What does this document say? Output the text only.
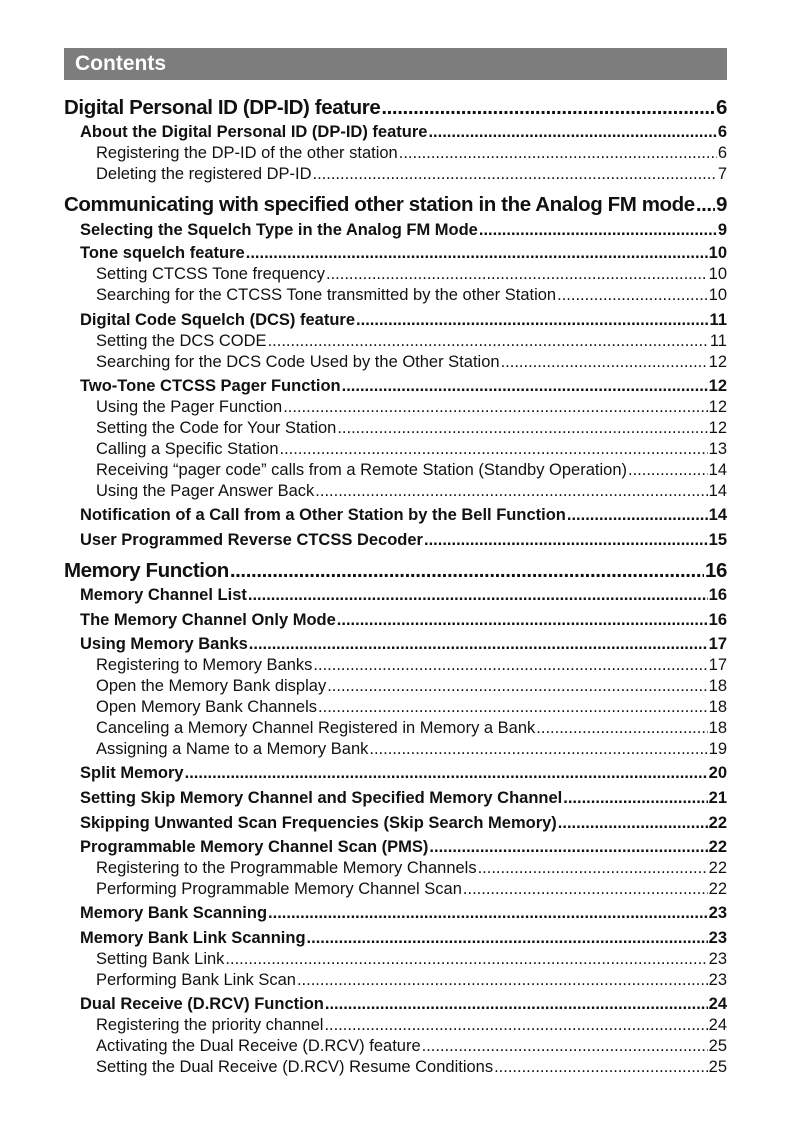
Contents
Digital Personal ID (DP-ID) feature .....	6
About the Digital Personal ID (DP-ID) feature .....	6
Registering the DP-ID of the other station .....	6
Deleting the registered DP-ID .....	7
Communicating with specified other station in the Analog FM mode ..... 9
Selecting the Squelch Type in the Analog FM Mode .....	9
Tone squelch feature .....	10
Setting CTCSS Tone frequency .....	10
Searching for the CTCSS Tone transmitted by the other Station .....	10
Digital Code Squelch (DCS) feature .....	11
Setting the DCS CODE .....	11
Searching for the DCS Code Used by the Other Station .....	12
Two-Tone CTCSS Pager Function .....	12
Using the Pager Function .....	12
Setting the Code for Your Station .....	12
Calling a Specific Station .....	13
Receiving “pager code” calls from a Remote Station (Standby Operation) .....	14
Using the Pager Answer Back .....	14
Notification of a Call from a Other Station by the Bell Function .....	14
User Programmed Reverse CTCSS Decoder .....	15
Memory Function .....	16
Memory Channel List .....	16
The Memory Channel Only Mode .....	16
Using Memory Banks .....	17
Registering to Memory Banks .....	17
Open the Memory Bank display .....	18
Open Memory Bank Channels .....	18
Canceling a Memory Channel Registered in Memory a Bank .....	18
Assigning a Name to a Memory Bank .....	19
Split Memory .....	20
Setting Skip Memory Channel and Specified Memory Channel .....	21
Skipping Unwanted Scan Frequencies (Skip Search Memory) .....	22
Programmable Memory Channel Scan (PMS) .....	22
Registering to the Programmable Memory Channels .....	22
Performing Programmable Memory Channel Scan .....	22
Memory Bank Scanning .....	23
Memory Bank Link Scanning .....	23
Setting Bank Link .....	23
Performing Bank Link Scan .....	23
Dual Receive (D.RCV) Function .....	24
Registering the priority channel .....	24
Activating the Dual Receive (D.RCV) feature .....	25
Setting the Dual Receive (D.RCV) Resume Conditions .....	25
